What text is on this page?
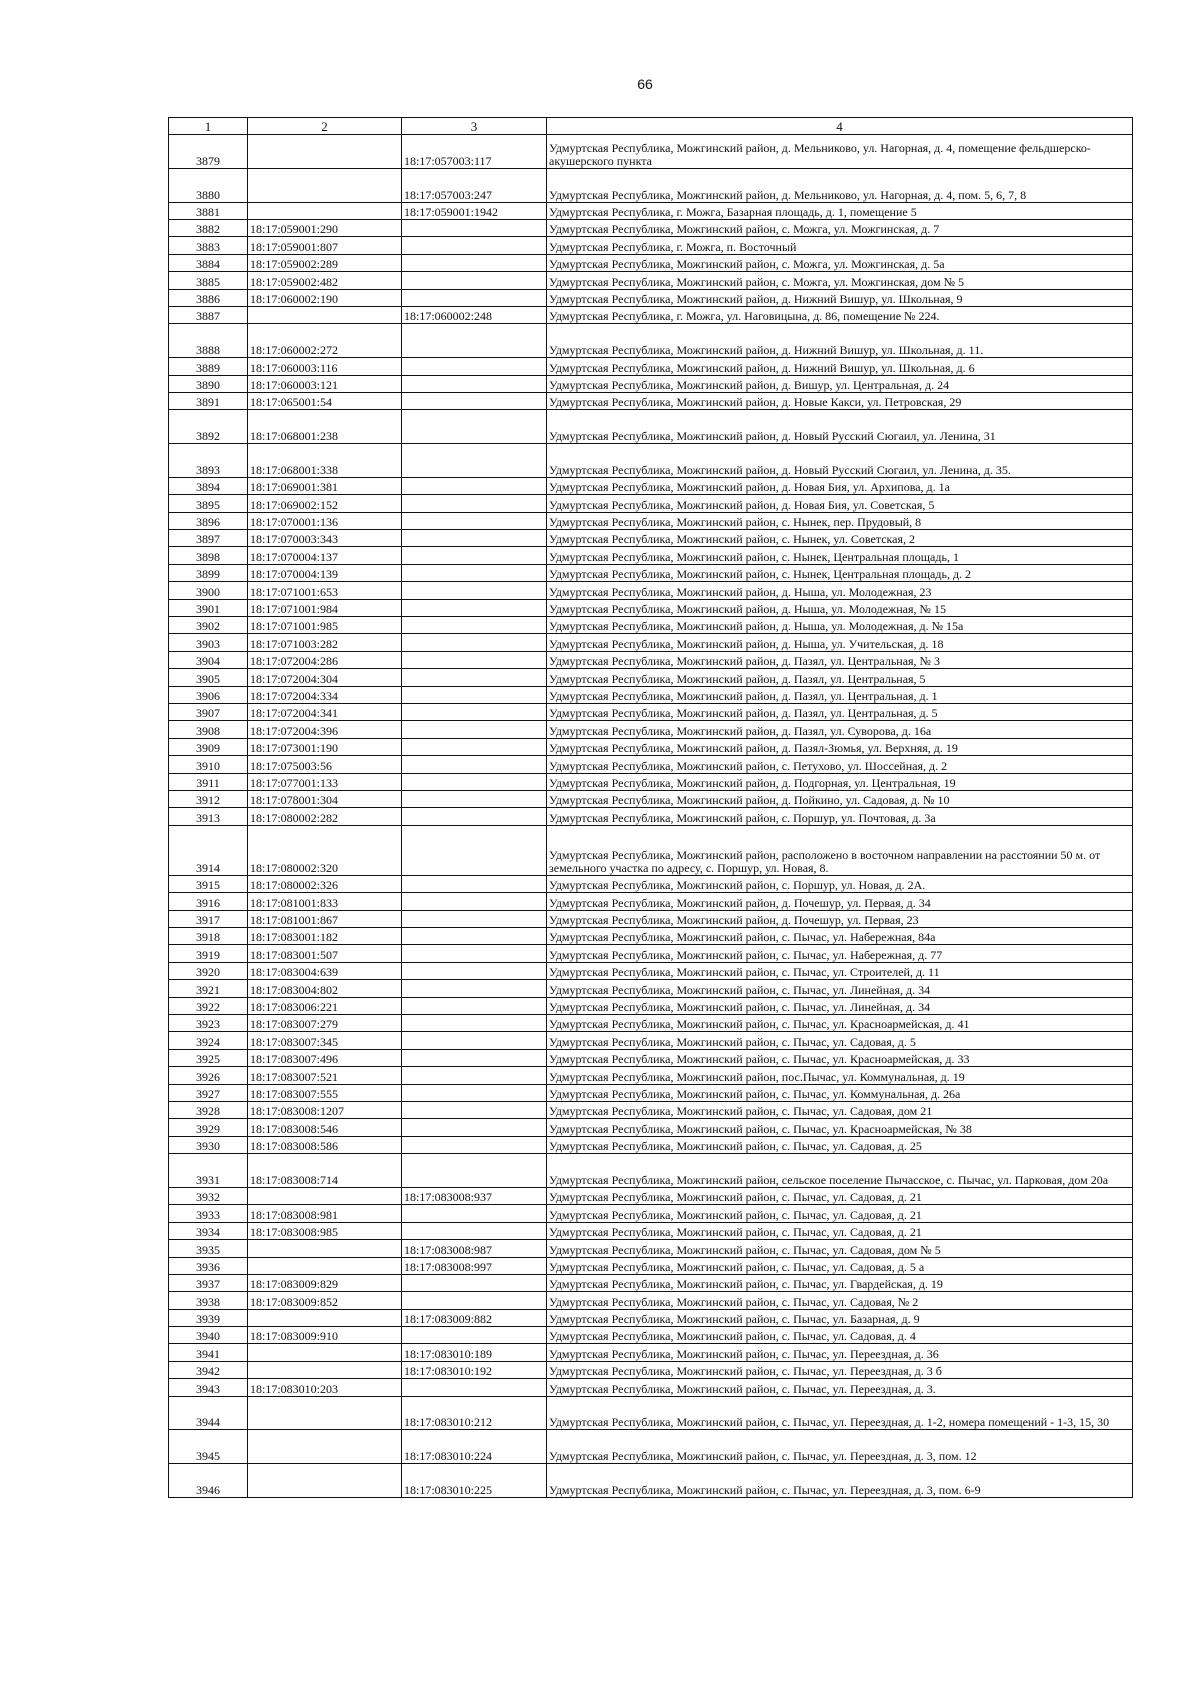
66
1	2	3	4
3879		18:17:057003:117	Удмуртская Республика, Можгинский район, д. Мельниково, ул. Нагорная, д. 4, помещение фельдшерско-акушерского пункта
3880		18:17:057003:247	Удмуртская Республика, Можгинский район, д. Мельниково, ул. Нагорная, д. 4, пом. 5, 6, 7, 8
3881		18:17:059001:1942	Удмуртская Республика, г. Можга, Базарная площадь, д. 1, помещение 5
3882	18:17:059001:290		Удмуртская Республика, Можгинский район, с. Можга, ул. Можгинская, д. 7
3883	18:17:059001:807		Удмуртская Республика, г. Можга, п. Восточный
3884	18:17:059002:289		Удмуртская Республика, Можгинский район, с. Можга, ул. Можгинская, д. 5а
3885	18:17:059002:482		Удмуртская Республика, Можгинский район, с. Можга, ул. Можгинская, дом № 5
3886	18:17:060002:190		Удмуртская Республика, Можгинский район, д. Нижний Вишур, ул. Школьная, 9
3887		18:17:060002:248	Удмуртская Республика, г. Можга, ул. Наговицына, д. 86, помещение № 224.
3888	18:17:060002:272		Удмуртская Республика, Можгинский район, д. Нижний Вишур, ул. Школьная, д. 11.
3889	18:17:060003:116		Удмуртская Республика, Можгинский район, д. Нижний Вишур, ул. Школьная, д. 6
3890	18:17:060003:121		Удмуртская Республика, Можгинский район, д. Вишур, ул. Центральная, д. 24
3891	18:17:065001:54		Удмуртская Республика, Можгинский район, д. Новые Какси, ул. Петровская, 29
3892	18:17:068001:238		Удмуртская Республика, Можгинский район, д. Новый Русский Сюгаил, ул. Ленина, 31
3893	18:17:068001:338		Удмуртская Республика, Можгинский район, д. Новый Русский Сюгаил, ул. Ленина, д. 35.
3894	18:17:069001:381		Удмуртская Республика, Можгинский район, д. Новая Бия, ул. Архипова, д. 1а
3895	18:17:069002:152		Удмуртская Республика, Можгинский район, д. Новая Бия, ул. Советская, 5
3896	18:17:070001:136		Удмуртская Республика, Можгинский район, с. Нынек, пер. Прудовый, 8
3897	18:17:070003:343		Удмуртская Республика, Можгинский район, с. Нынек, ул. Советская, 2
3898	18:17:070004:137		Удмуртская Республика, Можгинский район, с. Нынек, Центральная площадь, 1
3899	18:17:070004:139		Удмуртская Республика, Можгинский район, с. Нынек, Центральная площадь, д. 2
3900	18:17:071001:653		Удмуртская Республика, Можгинский район, д. Ныша, ул. Молодежная, 23
3901	18:17:071001:984		Удмуртская Республика, Можгинский район, д. Ныша, ул. Молодежная, № 15
3902	18:17:071001:985		Удмуртская Республика, Можгинский район, д. Ныша, ул. Молодежная, д. № 15а
3903	18:17:071003:282		Удмуртская Республика, Можгинский район, д. Ныша, ул. Учительская, д. 18
3904	18:17:072004:286		Удмуртская Республика, Можгинский район, д. Пазял, ул. Центральная, № 3
3905	18:17:072004:304		Удмуртская Республика, Можгинский район, д. Пазял, ул. Центральная, 5
3906	18:17:072004:334		Удмуртская Республика, Можгинский район, д. Пазял, ул. Центральная, д. 1
3907	18:17:072004:341		Удмуртская Республика, Можгинский район, д. Пазял, ул. Центральная, д. 5
3908	18:17:072004:396		Удмуртская Республика, Можгинский район, д. Пазял, ул. Суворова, д. 16а
3909	18:17:073001:190		Удмуртская Республика, Можгинский район, д. Пазял-Зюмья, ул. Верхняя, д. 19
3910	18:17:075003:56		Удмуртская Республика, Можгинский район, с. Петухово, ул. Шоссейная, д. 2
3911	18:17:077001:133		Удмуртская Республика, Можгинский район, д. Подгорная, ул. Центральная, 19
3912	18:17:078001:304		Удмуртская Республика, Можгинский район, д. Пойкино, ул. Садовая, д. № 10
3913	18:17:080002:282		Удмуртская Республика, Можгинский район, с. Поршур, ул. Почтовая, д. 3а
3914	18:17:080002:320		Удмуртская Республика, Можгинский район, расположено в восточном направлении на расстоянии 50 м. от земельного участка по адресу, с. Поршур, ул. Новая, 8.
3915	18:17:080002:326		Удмуртская Республика, Можгинский район, с. Поршур, ул. Новая, д. 2А.
3916	18:17:081001:833		Удмуртская Республика, Можгинский район, д. Почешур, ул. Первая, д. 34
3917	18:17:081001:867		Удмуртская Республика, Можгинский район, д. Почешур, ул. Первая, 23
3918	18:17:083001:182		Удмуртская Республика, Можгинский район, с. Пычас, ул. Набережная, 84а
3919	18:17:083001:507		Удмуртская Республика, Можгинский район, с. Пычас, ул. Набережная, д. 77
3920	18:17:083004:639		Удмуртская Республика, Можгинский район, с. Пычас, ул. Строителей, д. 11
3921	18:17:083004:802		Удмуртская Республика, Можгинский район, с. Пычас, ул. Линейная, д. 34
3922	18:17:083006:221		Удмуртская Республика, Можгинский район, с. Пычас, ул. Линейная, д. 34
3923	18:17:083007:279		Удмуртская Республика, Можгинский район, с. Пычас, ул. Красноармейская, д. 41
3924	18:17:083007:345		Удмуртская Республика, Можгинский район, с. Пычас, ул. Садовая, д. 5
3925	18:17:083007:496		Удмуртская Республика, Можгинский район, с. Пычас, ул. Красноармейская, д. 33
3926	18:17:083007:521		Удмуртская Республика, Можгинский район, пос.Пычас, ул. Коммунальная, д. 19
3927	18:17:083007:555		Удмуртская Республика, Можгинский район, с. Пычас, ул. Коммунальная, д. 26а
3928	18:17:083008:1207		Удмуртская Республика, Можгинский район, с. Пычас, ул. Садовая, дом 21
3929	18:17:083008:546		Удмуртская Республика, Можгинский район, с. Пычас, ул. Красноармейская, № 38
3930	18:17:083008:586		Удмуртская Республика, Можгинский район, с. Пычас, ул. Садовая, д. 25
3931	18:17:083008:714		Удмуртская Республика, Можгинский район, сельское поселение Пычасское, с. Пычас, ул. Парковая, дом 20а
3932		18:17:083008:937	Удмуртская Республика, Можгинский район, с. Пычас, ул. Садовая, д. 21
3933	18:17:083008:981		Удмуртская Республика, Можгинский район, с. Пычас, ул. Садовая, д. 21
3934	18:17:083008:985		Удмуртская Республика, Можгинский район, с. Пычас, ул. Садовая, д. 21
3935		18:17:083008:987	Удмуртская Республика, Можгинский район, с. Пычас, ул. Садовая, дом № 5
3936		18:17:083008:997	Удмуртская Республика, Можгинский район, с. Пычас, ул. Садовая, д. 5 а
3937	18:17:083009:829		Удмуртская Республика, Можгинский район, с. Пычас, ул. Гвардейская, д. 19
3938	18:17:083009:852		Удмуртская Республика, Можгинский район, с. Пычас, ул. Садовая, № 2
3939		18:17:083009:882	Удмуртская Республика, Можгинский район, с. Пычас, ул. Базарная, д. 9
3940	18:17:083009:910		Удмуртская Республика, Можгинский район, с. Пычас, ул. Садовая, д. 4
3941		18:17:083010:189	Удмуртская Республика, Можгинский район, с. Пычас, ул. Переездная, д. 36
3942		18:17:083010:192	Удмуртская Республика, Можгинский район, с. Пычас, ул. Переездная, д. 3 б
3943	18:17:083010:203		Удмуртская Республика, Можгинский район, с. Пычас, ул. Переездная, д. 3.
3944		18:17:083010:212	Удмуртская Республика, Можгинский район, с. Пычас, ул. Переездная, д. 1-2, номера помещений - 1-3, 15, 30
3945		18:17:083010:224	Удмуртская Республика, Можгинский район, с. Пычас, ул. Переездная, д. 3, пом. 12
3946		18:17:083010:225	Удмуртская Республика, Можгинский район, с. Пычас, ул. Переездная, д. 3, пом. 6-9
